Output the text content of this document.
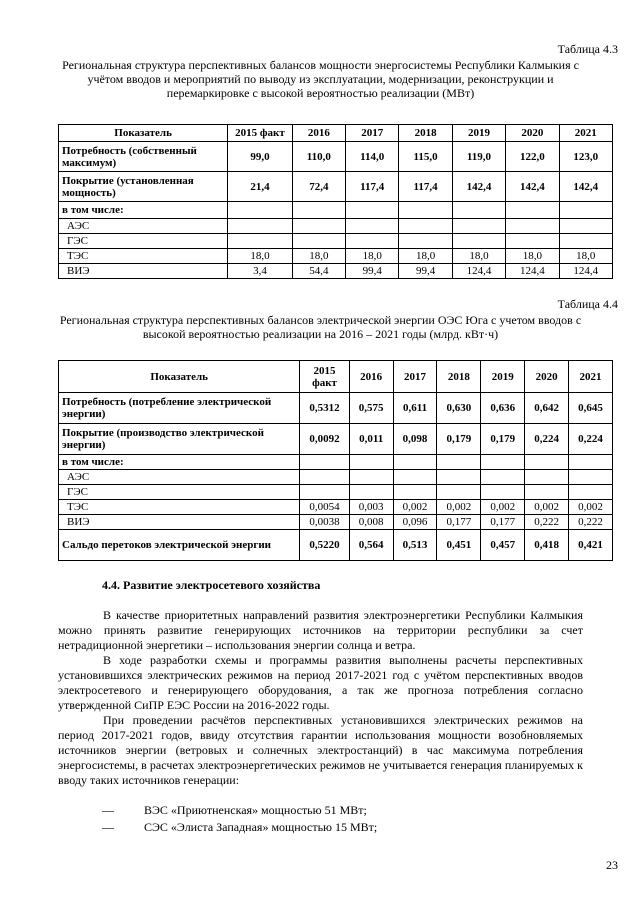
Таблица 4.3
Региональная структура перспективных балансов мощности энергосистемы Республики Калмыкия с учётом вводов и мероприятий по выводу из эксплуатации, модернизации, реконструкции и перемаркировке с высокой вероятностью реализации (МВт)
Показатель	2015 факт	2016	2017	2018	2019	2020	2021
Потребность (собственный максимум)	99,0	110,0	114,0	115,0	119,0	122,0	123,0
Покрытие (установленная мощность)	21,4	72,4	117,4	117,4	142,4	142,4	142,4
в том числе:							
АЭС							
ГЭС							
ТЭС	18,0	18,0	18,0	18,0	18,0	18,0	18,0
ВИЭ	3,4	54,4	99,4	99,4	124,4	124,4	124,4
Таблица 4.4
Региональная структура перспективных балансов электрической энергии ОЭС Юга с учетом вводов с высокой вероятностью реализации на 2016 – 2021 годы (млрд. кВт·ч)
Показатель	2015 факт	2016	2017	2018	2019	2020	2021
Потребность (потребление электрической энергии)	0,5312	0,575	0,611	0,630	0,636	0,642	0,645
Покрытие (производство электрической энергии)	0,0092	0,011	0,098	0,179	0,179	0,224	0,224
в том числе:							
АЭС							
ГЭС							
ТЭС	0,0054	0,003	0,002	0,002	0,002	0,002	0,002
ВИЭ	0,0038	0,008	0,096	0,177	0,177	0,222	0,222
Сальдо перетоков электрической энергии	0,5220	0,564	0,513	0,451	0,457	0,418	0,421
4.4. Развитие электросетевого хозяйства

В качестве приоритетных направлений развития электроэнергетики Республики Калмыкия можно принять развитие генерирующих источников на территории республики за счет нетрадиционной энергетики – использования энергии солнца и ветра.

В ходе разработки схемы и программы развития выполнены расчеты перспективных установившихся электрических режимов на период 2017-2021 год с учётом перспективных вводов электросетевого и генерирующего оборудования, а так же прогноза потребления согласно утвержденной СиПР ЕЭС России на 2016-2022 годы.

При проведении расчётов перспективных установившихся электрических режимов на период 2017-2021 годов, ввиду отсутствия гарантии использования мощности возобновляемых источников энергии (ветровых и солнечных электростанций) в час максимума потребления энергосистемы, в расчетах электроэнергетических режимов не учитывается генерация планируемых к вводу таких источников генерации:

—	ВЭС «Приютненская» мощностью 51 МВт;
—	СЭС «Элиста Западная» мощностью 15 МВт;
23
